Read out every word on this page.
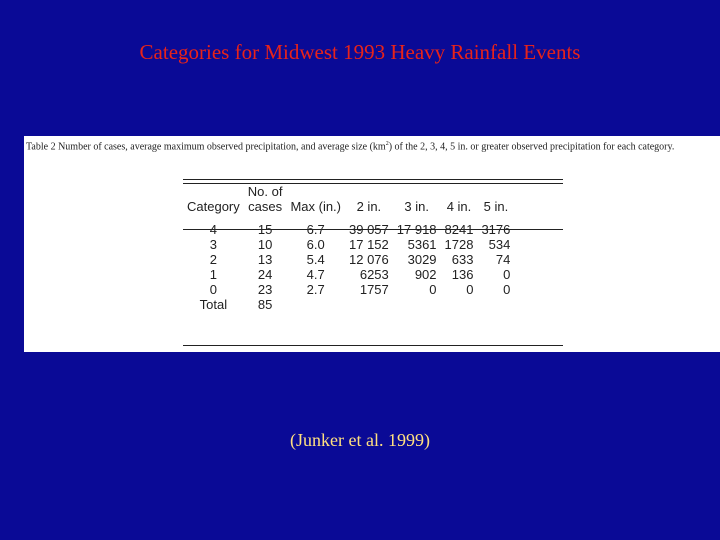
Categories for Midwest 1993 Heavy Rainfall Events
Table 2 Number of cases, average maximum observed precipitation, and average size $(km^2)$ of the 2, 3, 4, 5 in. or greater observed precipitation for each category.
	No. of					
Category	cases	Max (in.)	2 in.	3 in.	4 in.	5 in.
4	15	6.7	39 057	17 918	8241	3176
3	10	6.0	17 152	5361	1728	534
2	13	5.4	12 076	3029	633	74
1	24	4.7	6253	902	136	0
0	23	2.7	1757	0	0	0
Total	85					
(Junker et al. 1999)
